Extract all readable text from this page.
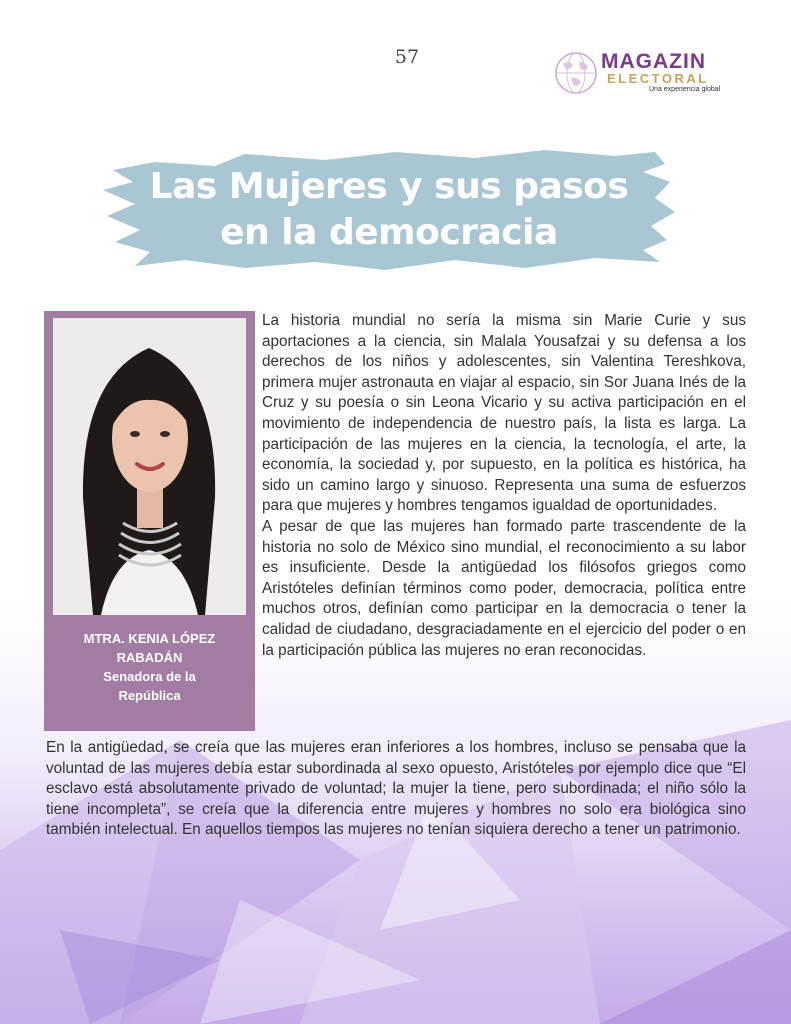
57	MAGAZIN
ELECTORAL
Una experiencia global
Las Mujeres y sus pasos
en la democracia
MTRA. KENIA LÓPEZ
RABADÁN
Senadora de la
República

La historia mundial no sería la misma sin Marie Curie y sus aportaciones a la ciencia, sin Malala Yousafzai y su defensa a los derechos de los niños y adolescentes, sin Valentina Tereshkova, primera mujer astronauta en viajar al espacio, sin Sor Juana Inés de la Cruz y su poesía o sin Leona Vicario y su activa participación en el movimiento de independencia de nuestro país, la lista es larga. La participación de las mujeres en la ciencia, la tecnología, el arte, la economía, la sociedad y, por supuesto, en la política es histórica, ha sido un camino largo y sinuoso. Representa una suma de esfuerzos para que mujeres y hombres tengamos igualdad de oportunidades.

A pesar de que las mujeres han formado parte trascendente de la historia no solo de México sino mundial, el reconocimiento a su labor es insuficiente. Desde la antigüedad los filósofos griegos como Aristóteles definían términos como poder, democracia, política entre muchos otros, definían como participar en la democracia o tener la calidad de ciudadano, desgraciadamente en el ejercicio del poder o en la participación pública las mujeres no eran reconocidas.

En la antigüedad, se creía que las mujeres eran inferiores a los hombres, incluso se pensaba que la voluntad de las mujeres debía estar subordinada al sexo opuesto, Aristóteles por ejemplo dice que “El esclavo está absolutamente privado de voluntad; la mujer la tiene, pero subordinada; el niño sólo la tiene incompleta”, se creía que la diferencia entre mujeres y hombres no solo era biológica sino también intelectual. En aquellos tiempos las mujeres no tenían siquiera derecho a tener un patrimonio.
